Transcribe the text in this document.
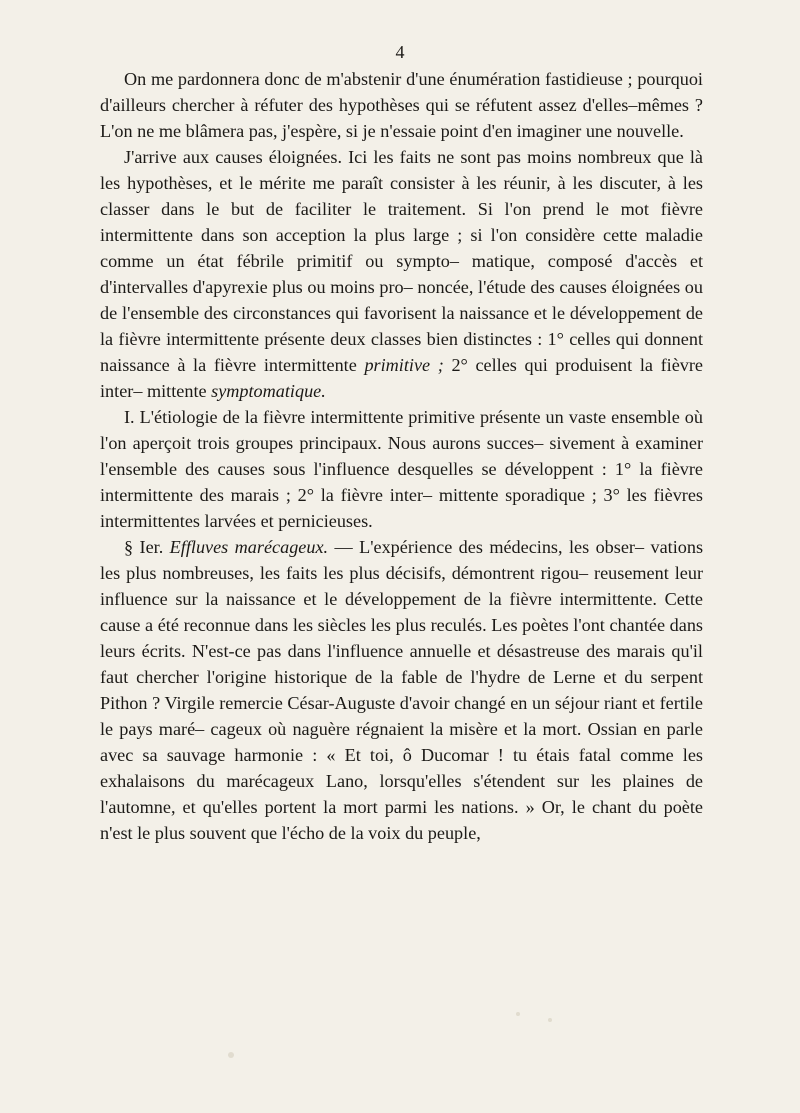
4

On me pardonnera donc de m'abstenir d'une énumération fastidieuse ; pourquoi d'ailleurs chercher à réfuter des hypothèses qui se réfutent assez d'elles–mêmes ? L'on ne me blâmera pas, j'espère, si je n'essaie point d'en imaginer une nouvelle.

J'arrive aux causes éloignées. Ici les faits ne sont pas moins nombreux que là les hypothèses, et le mérite me paraît consister à les réunir, à les discuter, à les classer dans le but de faciliter le traitement. Si l'on prend le mot fièvre intermittente dans son acception la plus large ; si l'on considère cette maladie comme un état fébrile primitif ou sympto– matique, composé d'accès et d'intervalles d'apyrexie plus ou moins pro– noncée, l'étude des causes éloignées ou de l'ensemble des circonstances qui favorisent la naissance et le développement de la fièvre intermittente présente deux classes bien distinctes : 1° celles qui donnent naissance à la fièvre intermittente primitive ; 2° celles qui produisent la fièvre inter– mittente symptomatique.

I. L'étiologie de la fièvre intermittente primitive présente un vaste ensemble où l'on aperçoit trois groupes principaux. Nous aurons succes– sivement à examiner l'ensemble des causes sous l'influence desquelles se développent : 1° la fièvre intermittente des marais ; 2° la fièvre inter– mittente sporadique ; 3° les fièvres intermittentes larvées et pernicieuses.

§ Ier. Effluves marécageux. — L'expérience des médecins, les obser– vations les plus nombreuses, les faits les plus décisifs, démontrent rigou– reusement leur influence sur la naissance et le développement de la fièvre intermittente. Cette cause a été reconnue dans les siècles les plus reculés. Les poètes l'ont chantée dans leurs écrits. N'est-ce pas dans l'influence annuelle et désastreuse des marais qu'il faut chercher l'origine historique de la fable de l'hydre de Lerne et du serpent Pithon ? Virgile remercie César-Auguste d'avoir changé en un séjour riant et fertile le pays maré– cageux où naguère régnaient la misère et la mort. Ossian en parle avec sa sauvage harmonie : « Et toi, ô Ducomar ! tu étais fatal comme les exhalaisons du marécageux Lano, lorsqu'elles s'étendent sur les plaines de l'automne, et qu'elles portent la mort parmi les nations. » Or, le chant du poète n'est le plus souvent que l'écho de la voix du peuple,
